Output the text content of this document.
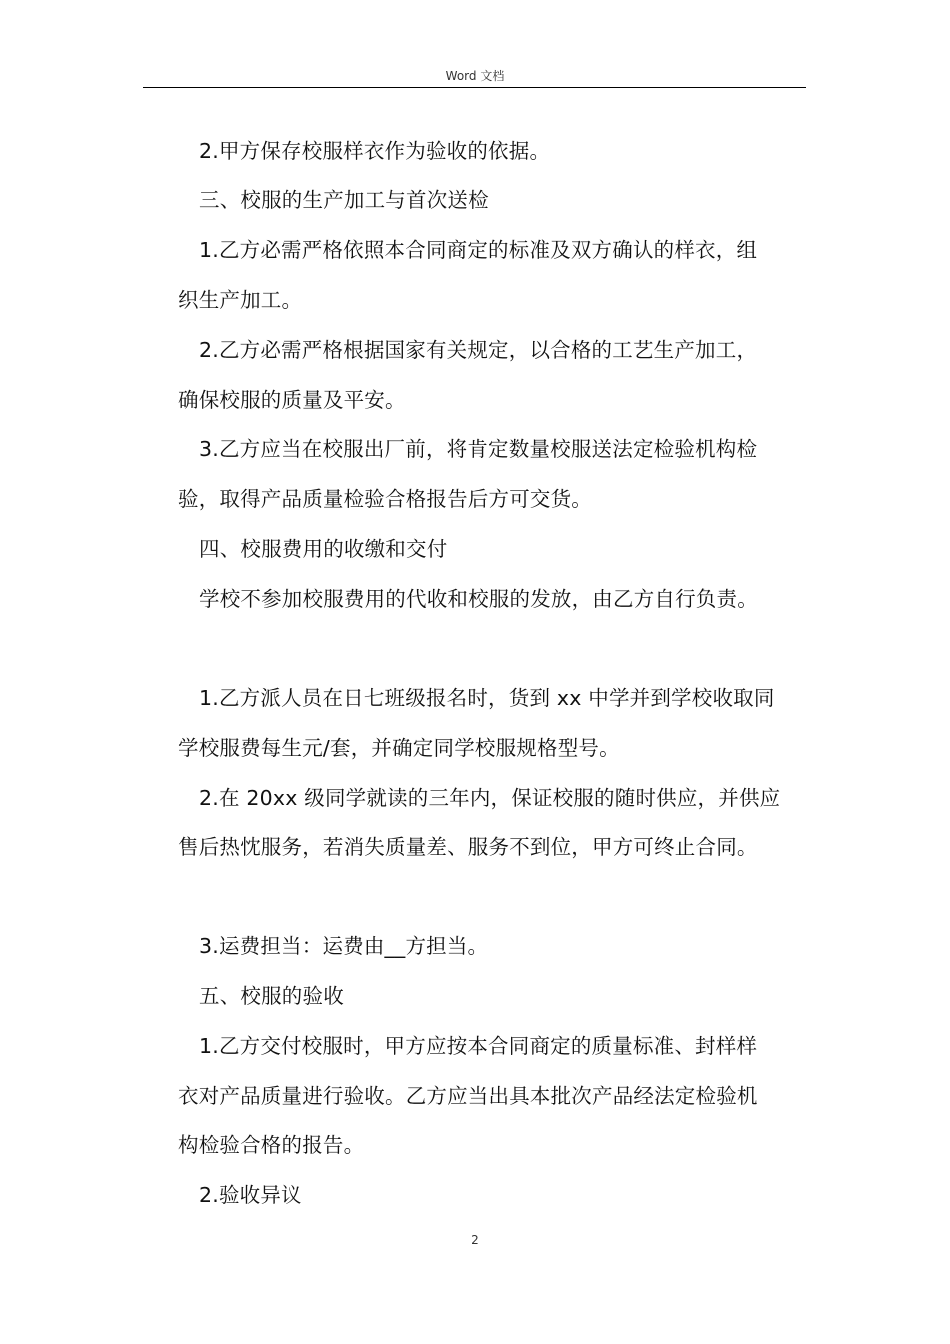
Word 文档
2.甲方保存校服样衣作为验收的依据。
三、校服的生产加工与首次送检
1.乙方必需严格依照本合同商定的标准及双方确认的样衣，组
织生产加工。
2.乙方必需严格根据国家有关规定，以合格的工艺生产加工，
确保校服的质量及平安。
3.乙方应当在校服出厂前，将肯定数量校服送法定检验机构检
验，取得产品质量检验合格报告后方可交货。
四、校服费用的收缴和交付
学校不参加校服费用的代收和校服的发放，由乙方自行负责。
1.乙方派人员在日七班级报名时，货到 xx 中学并到学校收取同
学校服费每生元/套，并确定同学校服规格型号。
2.在 20xx 级同学就读的三年内，保证校服的随时供应，并供应
售后热忱服务，若消失质量差、服务不到位，甲方可终止合同。
3.运费担当：运费由__方担当。
五、校服的验收
1.乙方交付校服时，甲方应按本合同商定的质量标准、封样样
衣对产品质量进行验收。乙方应当出具本批次产品经法定检验机
构检验合格的报告。
2.验收异议
2
